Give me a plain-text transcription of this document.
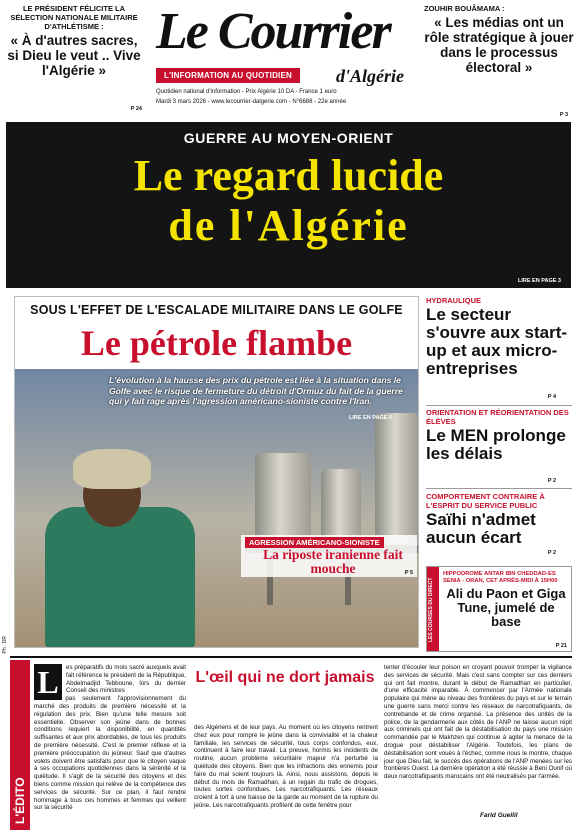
LE PRÉSIDENT FÉLICITE LA SÉLECTION NATIONALE MILITAIRE D'ATHLÉTISME :
« À d'autres sacres, si Dieu le veut .. Vive l'Algérie »
P 24
Le Courrier
L'INFORMATION AU QUOTIDIEN	d'Algérie
Quotidien national d'information - Prix Algérie 10 DA - France 1 euro
Mardi 3 mars 2026 - www.lecourrier-dalgerie.com - N°6688 - 22e année
ZOUHIR BOUÂMAMA :
« Les médias ont un rôle stratégique à jouer dans le processus électoral »
P 3
GUERRE AU MOYEN-ORIENT
Le regard lucide
de l'Algérie
LIRE EN PAGE 3
SOUS L'EFFET DE L'ESCALADE MILITAIRE DANS LE GOLFE
Le pétrole flambe
L'évolution à la hausse des prix du pétrole est liée à la situation dans le Golfe avec le risque de fermeture du détroit d'Ormuz du fait de la guerre qui y fait rage après l'agression américano-sioniste contre l'Iran.
LIRE EN PAGE 5
AGRESSION AMÉRICANO-SIONISTE
La riposte iranienne fait mouche	P 5
Ph : DR
HYDRAULIQUE
Le secteur s'ouvre aux start-up et aux micro-entreprises
P 4
ORIENTATION ET RÉORIENTATION DES ÉLÈVES
Le MEN prolonge les délais
P 2
COMPORTEMENT CONTRAIRE À L'ESPRIT DU SERVICE PUBLIC
Saïhi n'admet aucun écart
P 2
LES COURSES DU DIRECT
HIPPODROME ANTAR IBN CHEDDAD-ES SENIA - ORAN, CET APRÈS-MIDI À 15H00
Ali du Paon et Giga Tune, jumelé de base
P 21
L'ÉDITO
L	es préparatifs du mois sacré auxquels avait fait référence le président de la République, Abdelmadjid Tebboune, lors du dernier Conseil des ministres
n'avaient pas seulement l'approvisionnement du marché des produits de première nécessité et la régulation des prix. Bien qu'une telle mesure soit essentielle. Observer son jeûne dans de bonnes conditions requiert la disponibilité, en quantités suffisantes et aux prix abordables, de tous les produits de première nécessité. C'est le premier réflexe et la première préoccupation du jeûneur. Sauf que d'autres volets doivent être satisfaits pour que le citoyen vaque à ses occupations quotidiennes dans la sérénité et la quiétude. Il s'agit de la sécurité des citoyens et des biens comme mission qui relève de la compétence des services de sécurité. Sur ce plan, il faut rendre hommage à tous ces hommes et femmes qui veillent sur la sécurité
L'œil qui ne dort jamais
des Algériens et de leur pays. Au moment où les citoyens rentrent chez eux pour rompre le jeûne dans la convivialité et la chaleur familiale, les services de sécurité, tous corps confondus, eux, continuent à faire leur travail. La preuve, hormis les incidents de routine, aucun problème sécuritaire majeur n'a perturbé la quiétude des citoyens. Bien que les infractions des ennemis pour faire du mal soient toujours là. Ainsi, nous assistons, depuis le début du mois de Ramadhan, à un regain du trafic de drogues, toutes sortes confondues. Les narcotrafiquants. Les réseaux croient à tort à une baisse de la garde au moment de la rupture du jeûne. Les narcotrafiquants profitent de cette fenêtre pour
tenter d'écouler leur poison en croyant pouvoir tromper la vigilance des services de sécurité. Mais c'est sans compter sur ces derniers qui ont fait montre, durant le début de Ramadhan en particulier, d'une efficacité imparable. À commencer par l'Armée nationale populaire qui mène au niveau des frontières du pays et sur le terrain une guerre sans merci contre les réseaux de narcotrafiquants, de contrebande et de crime organisé. La présence des unités de la police, de la gendarmerie aux côtés de l'ANP ne laisse aucun répit aux criminels qui ont fait de la déstabilisation du pays une mission commandée par le Makhzen qui continue à agiter la menace de la drogue pour déstabiliser l'Algérie. Toutefois, les plans de déstabilisation sont voués à l'échec, comme nous le montre, chaque jour que Dieu fait, le succès des opérations de l'ANP menées sur les frontières Ouest. La dernière opération a été réussie à Beni Ounif où deux narcotrafiquants marocains ont été neutralisés par l'armée.
Farid Guellil
